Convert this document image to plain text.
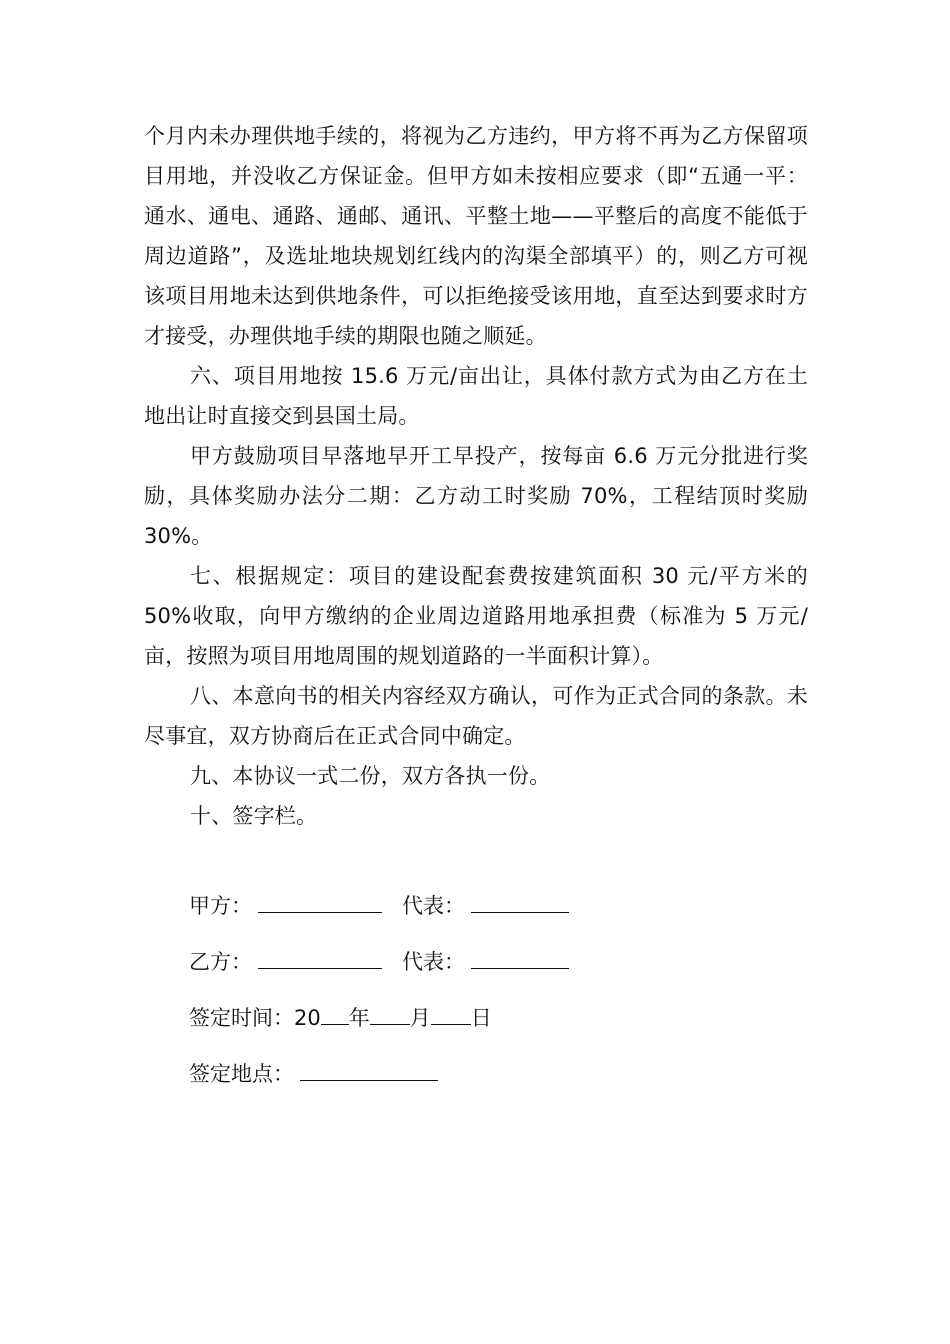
个月内未办理供地手续的，将视为乙方违约，甲方将不再为乙方保留项目用地，并没收乙方保证金。但甲方如未按相应要求（即“五通一平：通水、通电、通路、通邮、通讯、平整土地——平整后的高度不能低于周边道路”，及选址地块规划红线内的沟渠全部填平）的，则乙方可视该项目用地未达到供地条件，可以拒绝接受该用地，直至达到要求时方才接受，办理供地手续的期限也随之顺延。

六、项目用地按 15.6 万元/亩出让，具体付款方式为由乙方在土地出让时直接交到县国土局。

甲方鼓励项目早落地早开工早投产，按每亩 6.6 万元分批进行奖励，具体奖励办法分二期：乙方动工时奖励 70%，工程结顶时奖励 30%。

七、根据规定：项目的建设配套费按建筑面积 30 元/平方米的 50%收取，向甲方缴纳的企业周边道路用地承担费（标准为 5 万元/亩，按照为项目用地周围的规划道路的一半面积计算）。

八、本意向书的相关内容经双方确认，可作为正式合同的条款。未尽事宜，双方协商后在正式合同中确定。

九、本协议一式二份，双方各执一份。

十、签字栏。

甲方：	代表：
乙方：	代表：
签定时间：20 年 月 日
签定地点：
